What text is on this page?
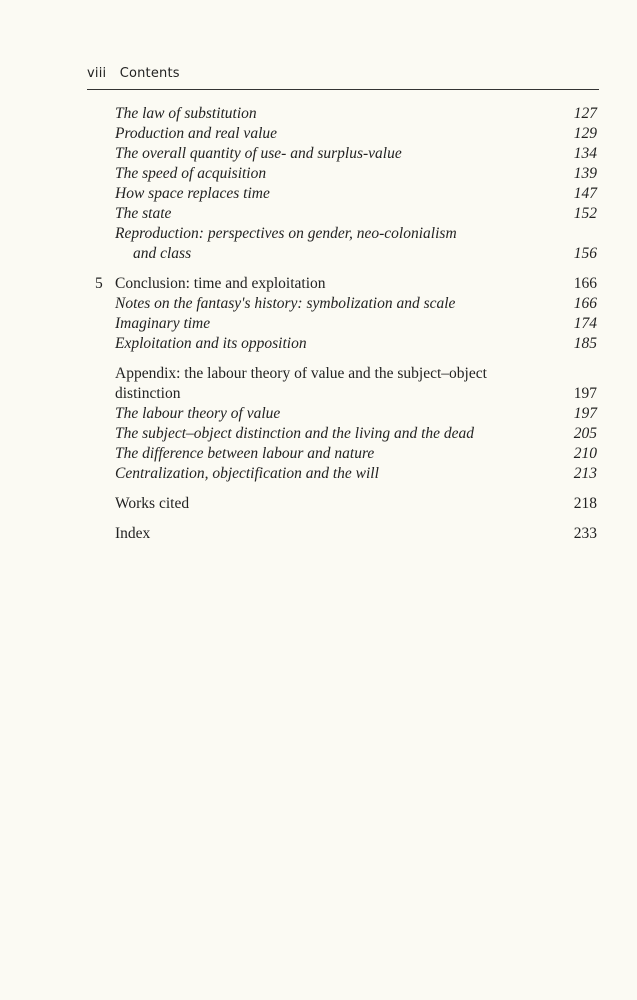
viii Contents
The law of substitution	127
Production and real value	129
The overall quantity of use- and surplus-value	134
The speed of acquisition	139
How space replaces time	147
The state	152
Reproduction: perspectives on gender, neo-colonialism
and class	156
5 Conclusion: time and exploitation	166
Notes on the fantasy's history: symbolization and scale	166
Imaginary time	174
Exploitation and its opposition	185
Appendix: the labour theory of value and the subject–object
distinction	197
The labour theory of value	197
The subject–object distinction and the living and the dead	205
The difference between labour and nature	210
Centralization, objectification and the will	213
Works cited	218
Index	233
